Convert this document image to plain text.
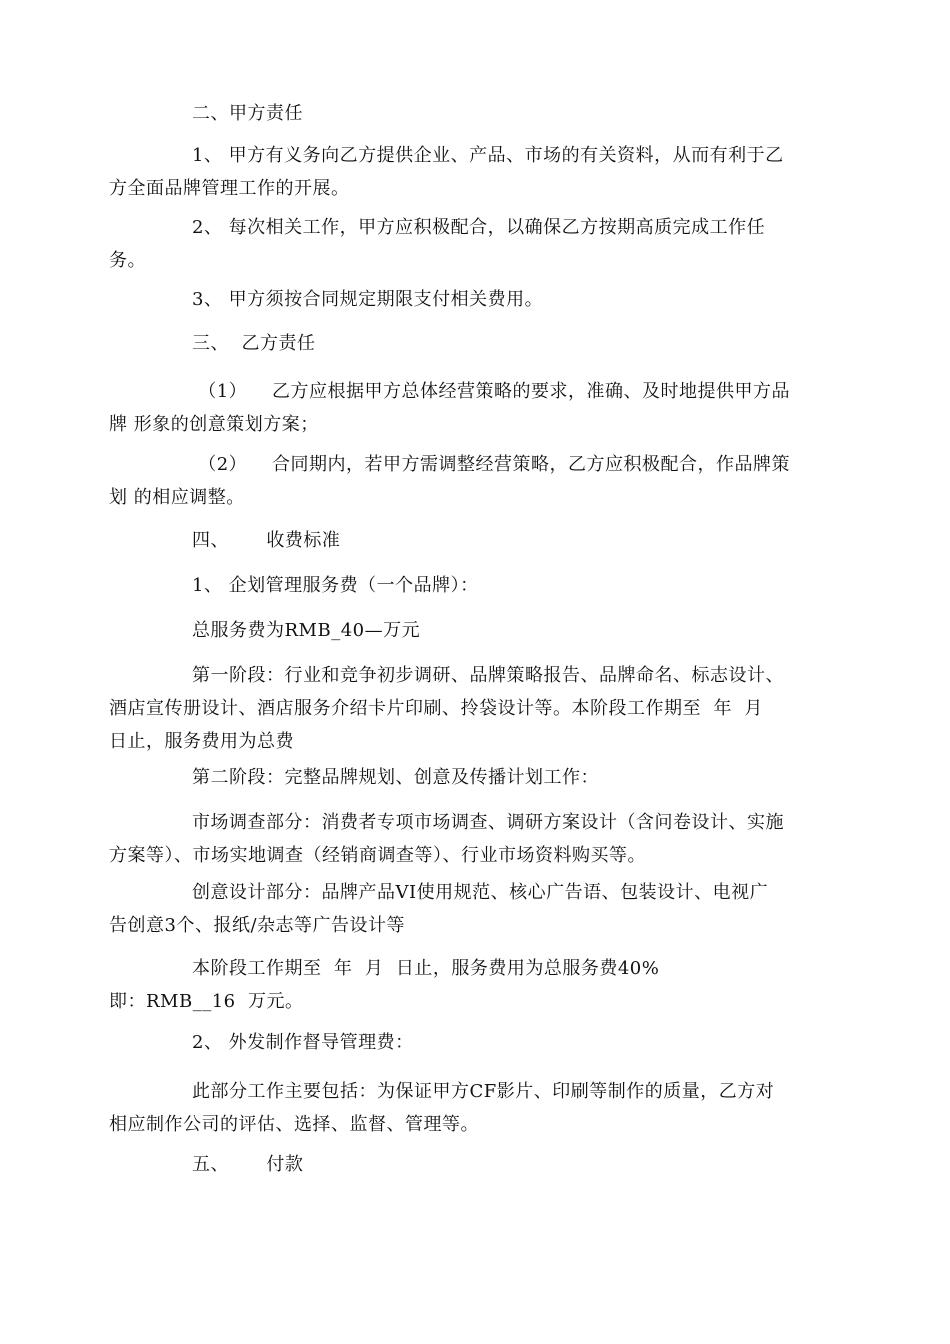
二、甲方责任

1、 甲方有义务向乙方提供企业、产品、市场的有关资料，从而有利于乙
方全面品牌管理工作的开展。

2、 每次相关工作，甲方应积极配合，以确保乙方按期高质完成工作任
务。

3、 甲方须按合同规定期限支付相关费用。

三、  乙方责任

（1）    乙方应根据甲方总体经营策略的要求，准确、及时地提供甲方品
牌 形象的创意策划方案；

（2）    合同期内，若甲方需调整经营策略，乙方应积极配合，作品牌策
划 的相应调整。

四、      收费标准

1、 企划管理服务费（一个品牌）：

总服务费为RMB_40—万元

第一阶段：行业和竞争初步调研、品牌策略报告、品牌命名、标志设计、
酒店宣传册设计、酒店服务介绍卡片印刷、拎袋设计等。本阶段工作期至  年  月
日止，服务费用为总费

第二阶段：完整品牌规划、创意及传播计划工作：

市场调查部分：消费者专项市场调查、调研方案设计（含问卷设计、实施
方案等）、市场实地调查（经销商调查等）、行业市场资料购买等。

创意设计部分：品牌产品VI使用规范、核心广告语、包装设计、电视广
告创意3个、报纸/杂志等广告设计等

本阶段工作期至  年  月  日止，服务费用为总服务费40%
即：RMB__16  万元。

2、 外发制作督导管理费：

此部分工作主要包括：为保证甲方CF影片、印刷等制作的质量，乙方对
相应制作公司的评估、选择、监督、管理等。

五、      付款
